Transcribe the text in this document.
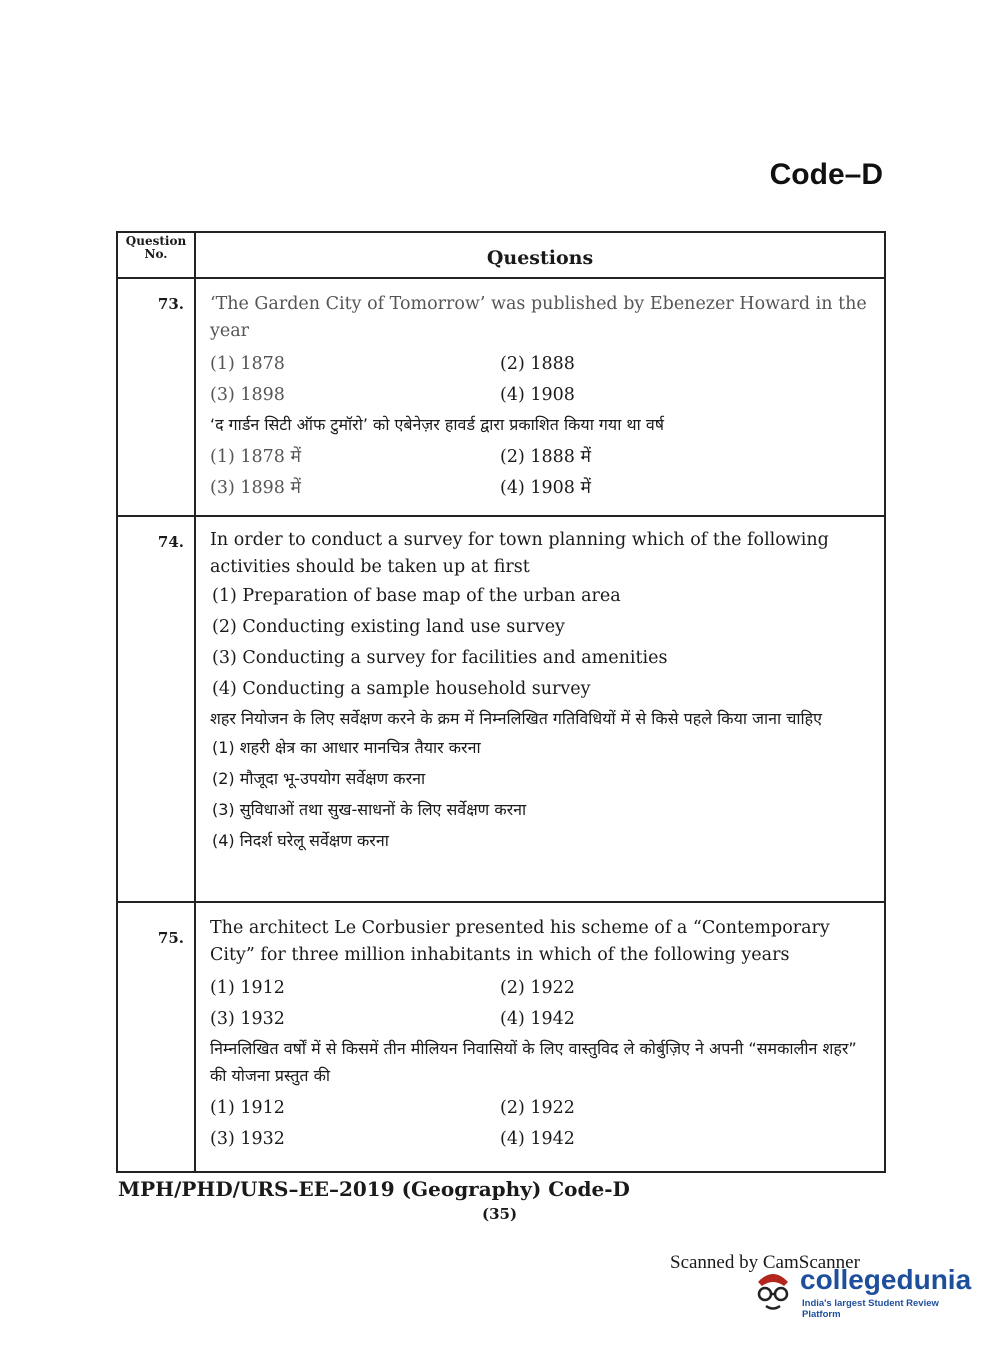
Code–D
Question No.	Questions
73. ‘The Garden City of Tomorrow’ was published by Ebenezer Howard in the year

(1) 1878	(2) 1888
(3) 1898	(4) 1908

‘द गार्डन सिटी ऑफ टुमॉरो’ को एबेनेज़र हावर्ड द्वारा प्रकाशित किया गया था वर्ष

(1) 1878 में	(2) 1888 में
(3) 1898 में	(4) 1908 में
74. In order to conduct a survey for town planning which of the following activities should be taken up at first

(1) Preparation of base map of the urban area
(2) Conducting existing land use survey
(3) Conducting a survey for facilities and amenities
(4) Conducting a sample household survey

शहर नियोजन के लिए सर्वेक्षण करने के क्रम में निम्नलिखित गतिविधियों में से किसे पहले किया जाना चाहिए

(1) शहरी क्षेत्र का आधार मानचित्र तैयार करना
(2) मौजूदा भू-उपयोग सर्वेक्षण करना
(3) सुविधाओं तथा सुख-साधनों के लिए सर्वेक्षण करना
(4) निदर्श घरेलू सर्वेक्षण करना
75. The architect Le Corbusier presented his scheme of a “Contemporary City” for three million inhabitants in which of the following years

(1) 1912	(2) 1922
(3) 1932	(4) 1942

निम्नलिखित वर्षों में से किसमें तीन मीलियन निवासियों के लिए वास्तुविद ले कोर्बुज़िए ने अपनी “समकालीन शहर” की योजना प्रस्तुत की

(1) 1912	(2) 1922
(3) 1932	(4) 1942
MPH/PHD/URS–EE–2019 (Geography) Code-D
(35)
Scanned by CamScanner
collegedunia
India's largest Student Review Platform
